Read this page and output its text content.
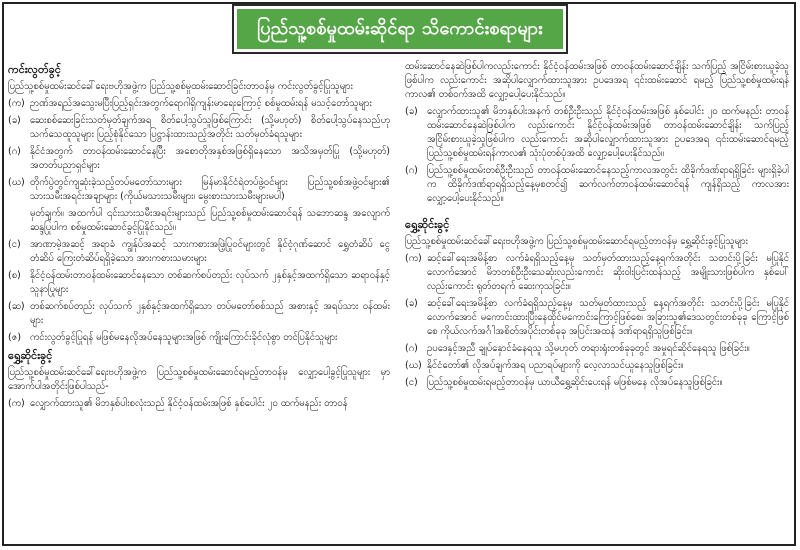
ပြည်သူ့စစ်မှုထမ်းဆိုင်ရာ သိကောင်းစရာများ
ကင်းလွတ်ခွင့်
ပြည်သူ့စစ်မှုထမ်းဆင်ခေါ်ရေးဗဟိုအဖွဲ့က ပြည်သူ့စစ်မှုထမ်းဆောင်ခြင်းတာဝန်မှ ကင်းလွတ်ခွင့်ပြုသူများ
(က) ဉာဏ်အရည်အသွေးမပြီးပြည့်ရှင်းအတွက်ရောဂါရှိကျန်းမာရေးကြောင့် စစ်မှုထမ်းရန် မသင့်တော်သူများ
(ခ) ဆေးစစ်ဆေးခြင်းသတ်မှတ်ချက်အရ စိတ်ပေါ့သွပ်သူဖြစ်ကြောင်း (သို့မဟုတ်) စိတ်ပေါ့သွပ်နေသည်ဟု သက်သေထူသူများ ပြည့်စုံနိုင်သော ပြဋ္ဌာန်းထားသည့်အတိုင်း သတ်မှတ်ခံရသူများ
(ဂ) နိုင်ငံအတွက် တာဝန်ထမ်းဆောင်နေပြီး အစောတိုအနှစ်အဖြစ်ရှိနေသော အသိအမှတ်ပြု (သို့မဟုတ်) အတတ်ပညာရှင်များ
(ဃ) တိုက်ပွဲတွင်ကျဆုံးခဲ့သည့်တပ်မတော်သားများ မြန်မာနိုင်ငံရဲတပ်ဖွဲ့ဝင်များ ပြည်သူ့စစ်အဖွဲ့ဝင်များ၏ သားသမီးအရင်းအချာများ (ကိုယ်မသားသမီးများ၊ မွေးစားသားသမီးများမပါ)
မှတ်ချက်။ အထက်ပါ ၎င်းသားသမီးအရင်းများသည် ပြည်သူ့စစ်မှုထမ်းဆောင်ရန် သဘောဆန္ဒ အလျောက် ဆန္ဒပြုပါက စစ်မှုထမ်းဆောင်ခွင့်ပြုနိုင်သည်။
(င) အာဏာမဲ့အဆင့် အရာခံ ကျွန်ုပ်အဆင့် သားကစားအဖြဲ့ပြုဝင်များတွင် နိုင်ငံ့ဂုဏ်ဆောင် ရွှေတံဆိပ် ငွေတံဆိပ် ကြေးတံဆိပ်ရရှိခဲ့သော အားကစားသမားများ
(စ) နိုင်ငံ့ဝန်ထမ်းတာဝန်ထမ်းဆောင်နေသော တစ်ဆက်စပ်တည်း လုပ်သက် ၂နှစ်နှင့်အထက်ရှိသော ဆရာဝန်နှင့် သူနာပြုများ
(ဆ) တစ်ဆက်စပ်တည်း လုပ်သက် ၂နှစ်နှင့်အထက်ရှိသော တပ်မတော်စစ်သည် အစားနှင့် အရပ်သား ဝန်ထမ်းများ
(ဇ) ကင်းလွတ်ခွင့်ပြုရန် မဖြစ်မနေလိုအပ်နေသူများအဖြစ် ကျိုးကြောင်းခိုင်လုံစွာ တင်ပြနိုင်သူများ
ရွှေ့ဆိုင်းခွင့်
ပြည်သူ့စစ်မှုထမ်းဆင်ခေါ်ရေးဗဟိုအဖွဲ့က ပြည်သူ့စစ်မှုထမ်းဆောင်ရမည့်တာဝန်မှ လျှော့ပေါ့ခွင့်ပြုသူများ မှာ အောက်ပါအတိုင်းဖြစ်ပါသည်-
(က) လျှောက်ထားသူ၏ မိဘနှစ်ပါးစလုံးသည် နိုင်ငံ့ဝန်ထမ်းအဖြစ် နှစ်ပေါင်း ၂၀ ထက်မနည်း တာဝန်
ထမ်းဆောင်နေဆဲဖြစ်ပါကလည်းကောင်း နိုင်ငံ့ဝန်ထမ်းအဖြစ် တာဝန်ထမ်းဆောင်ချိန်း သက်ပြည့် အငြိမ်းစားယူခဲ့သူဖြစ်ပါက လည်းကောင်း အဆိုပါလျှောက်ထားသူအား ဥပဒေအရ ၎င်းထမ်းဆောင် ရမည့် ပြည်သူ့စစ်မှုထမ်းရန်ကာလ၏ တစ်ဝက်အထိ လျှော့ပေါ့ပေးနိုင်သည်။
(ခ) လျှောက်ထားသူ၏ မိဘနှစ်ပါးအနက် တစ်ဦးဦးသည် နိုင်ငံ့ဝန်ထမ်းအဖြစ် နှစ်ပေါင်း ၂၀ ထက်မနည်း တာဝန်ထမ်းဆောင်နေဆဲဖြစ်ပါက လည်းကောင်း နိုင်ငံ့ဝန်ထမ်းအဖြစ် တာဝန်ထမ်းဆောင်ချိန်း သက်ပြည့်အငြိမ်းစားယူခဲ့သူဖြစ်ပါက လည်းကောင်း အဆိုပါလျှောက်ထားသူအား ဥပဒေအရ ၎င်းထမ်းဆောင်ရမည့် ပြည်သူ့စစ်မှုထမ်းရန်ကာလ၏ သုံးပုံတစ်ပုံအထိ လျှော့ပေါ့ပေးနိုင်သည်။
(ဂ) ပြည်သူ့စစ်မှုထမ်းတစ်ဦးဦးသည် တာဝန်ထမ်းဆောင်နေသည့်ကာလအတွင်း ထိခိုက်ဒဏ်ရာရရှိခြင်း များရှိခဲ့ပါက ထိခိုက်ဒဏ်ရာရရှိသည့်နေ့မှစတင်၍ ဆက်လက်တာဝန်ထမ်းဆောင်ရန် ကျန်ရှိသည့် ကာလအား လျှော့ပေါ့ပေးနိုင်သည်။
ရွှေ့ဆိုင်းခွင့်
ပြည်သူ့စစ်မှုထမ်းဆင်ခေါ်ရေးဗဟိုအဖွဲ့က ပြည်သူ့စစ်မှုထမ်းဆောင်ရမည့်တာဝန်မှ ရွှေ့ဆိုင်းခွင့်ပြုသူများ
(က) ဆင့်ခေါ်ရေးအမိန့်စာ လက်ခံရရှိသည့်နေ့မှ သတ်မှတ်ထားသည့်နေ့ရက်အတိုင်း သတင်းပို့ခြင်း မပြုနိုင်လောက်အောင် မိဘတစ်ဦးဦးသေဆုံးလည်းကောင်း ဆိုးဝါးပြင်းထန်သည့် အမျိုးသားဖြစ်ပါက နှစ်ပေါ် လည်းကောင်း ရုတ်တရက် ဆေးကုသခြင်း။
(ခ) ဆင့်ခေါ်ရေးအမိန့်စာ လက်ခံရရှိသည့်နေ့မှ သတ်မှတ်ထားသည့် နေ့ရက်အတိုင်း သတင်းပို့ခြင်း မပြုနိုင်လောက်အောင် မကောင်းထားပြီးနေထိုင်မကောင်းကြောင့်ဖြစ်စေ၊ အခြားသူ၏ဒေသတွင်းတစ်ခုခု ကြောင့်ဖြစ်စေ ကိုယ်လက်အင်္ဂါအစိတ်အပိုင်းတစ်ခုခု အပြင်းအထန် ဒဏ်ရာရရှိသူဖြစ်ခြင်း။
(ဂ) ဥပဒေနှင့်အညီ ချုပ်နှောင်ခံနေရသူ သို့မဟုတ် တရားရုံးတစ်ခုခုတွင် အမှုရင်ဆိုင်နေရသူ ဖြစ်ခြင်း။
(ဃ) နိုင်ငံတော်၏ လိုအပ်ချက်အရ ပညာရပ်များကို လေ့လာသင်ယူနေသူဖြစ်ခြင်း။
(င) ပြည်သူ့စစ်မှုထမ်းရမည့်တာဝန်မှ ယာယီရွှေ့ဆိုင်းပေးရန် မဖြစ်မနေ လိုအပ်နေသူဖြစ်ခြင်း။
